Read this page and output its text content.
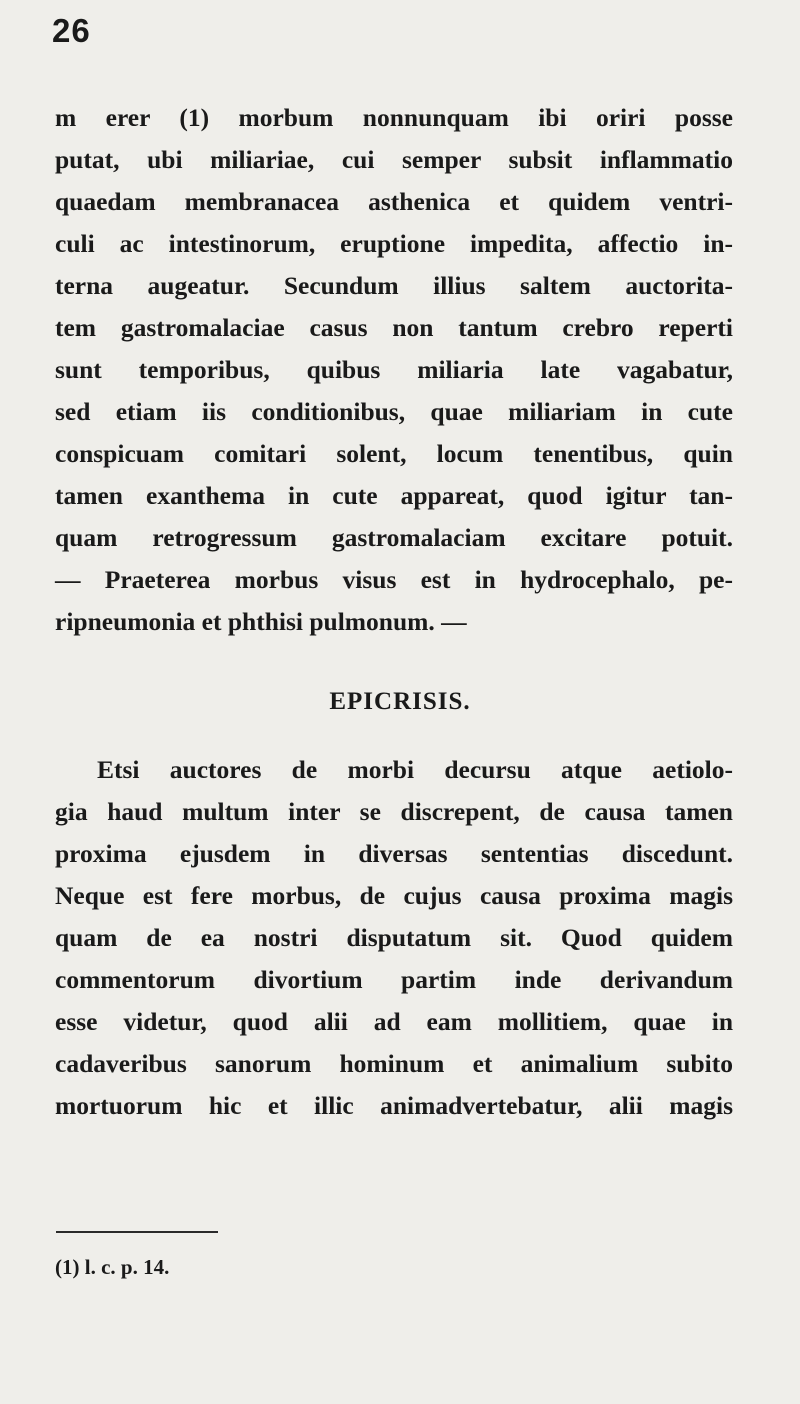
26
m erer (1) morbum nonnunquam ibi oriri posse
putat, ubi miliariae, cui semper subsit inflammatio
quaedam membranacea asthenica et quidem ventri-
culi ac intestinorum, eruptione impedita, affectio in-
terna augeatur. Secundum illius saltem auctorita-
tem gastromalaciae casus non tantum crebro reperti
sunt temporibus, quibus miliaria late vagabatur,
sed etiam iis conditionibus, quae miliariam in cute
conspicuam comitari solent, locum tenentibus, quin
tamen exanthema in cute appareat, quod igitur tan-
quam retrogressum gastromalaciam excitare potuit.
— Praeterea morbus visus est in hydrocephalo, pe-
ripneumonia et phthisi pulmonum. —
EPICRISIS.
Etsi auctores de morbi decursu atque aetiolo-
gia haud multum inter se discrepent, de causa tamen
proxima ejusdem in diversas sententias discedunt.
Neque est fere morbus, de cujus causa proxima magis
quam de ea nostri disputatum sit. Quod quidem
commentorum divortium partim inde derivandum
esse videtur, quod alii ad eam mollitiem, quae in
cadaveribus sanorum hominum et animalium subito
mortuorum hic et illic animadvertebatur, alii magis
(1) l. c. p. 14.
